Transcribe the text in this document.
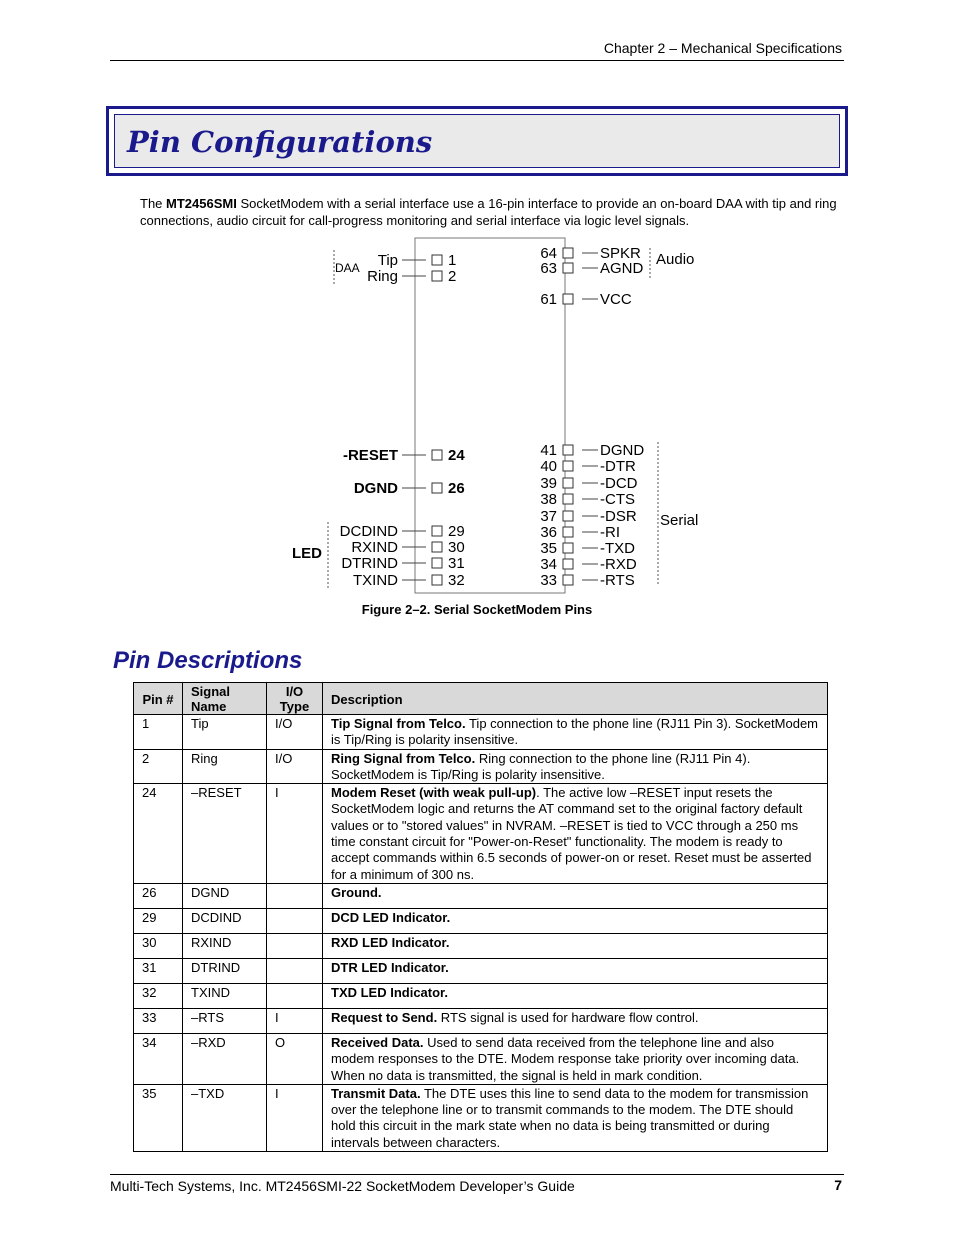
Chapter 2 – Mechanical Specifications
Pin Configurations
The MT2456SMI SocketModem with a serial interface use a 16-pin interface to provide an on-board DAA with tip and ring connections, audio circuit for call-progress monitoring and serial interface via logic level signals.
DAA
LED
Audio
Serial
Tip	1
Ring	2
-RESET	24
DGND	26
DCDIND	29
RXIND	30
DTRIND	31
TXIND	32
64	SPKR
63	AGND
61	VCC
41	DGND
40	-DTR
39	-DCD
38	-CTS
37	-DSR
36	-RI
35	-TXD
34	-RXD
33	-RTS
Figure 2–2. Serial SocketModem Pins
Pin Descriptions
Pin #	Signal Name	I/O Type	Description
1	Tip	I/O	Tip Signal from Telco. Tip connection to the phone line (RJ11 Pin 3). SocketModem is Tip/Ring is polarity insensitive.
2	Ring	I/O	Ring Signal from Telco. Ring connection to the phone line (RJ11 Pin 4). SocketModem is Tip/Ring is polarity insensitive.
24	–RESET	I	Modem Reset (with weak pull-up). The active low –RESET input resets the SocketModem logic and returns the AT command set to the original factory default values or to "stored values" in NVRAM. –RESET is tied to VCC through a 250 ms time constant circuit for "Power-on-Reset" functionality. The modem is ready to accept commands within 6.5 seconds of power-on or reset. Reset must be asserted for a minimum of 300 ns.
26	DGND		Ground.
29	DCDIND		DCD LED Indicator.
30	RXIND		RXD LED Indicator.
31	DTRIND		DTR LED Indicator.
32	TXIND		TXD LED Indicator.
33	–RTS	I	Request to Send. RTS signal is used for hardware flow control.
34	–RXD	O	Received Data. Used to send data received from the telephone line and also modem responses to the DTE. Modem response take priority over incoming data. When no data is transmitted, the signal is held in mark condition.
35	–TXD	I	Transmit Data. The DTE uses this line to send data to the modem for transmission over the telephone line or to transmit commands to the modem. The DTE should hold this circuit in the mark state when no data is being transmitted or during intervals between characters.
Multi-Tech Systems, Inc. MT2456SMI-22 SocketModem Developer’s Guide	7
